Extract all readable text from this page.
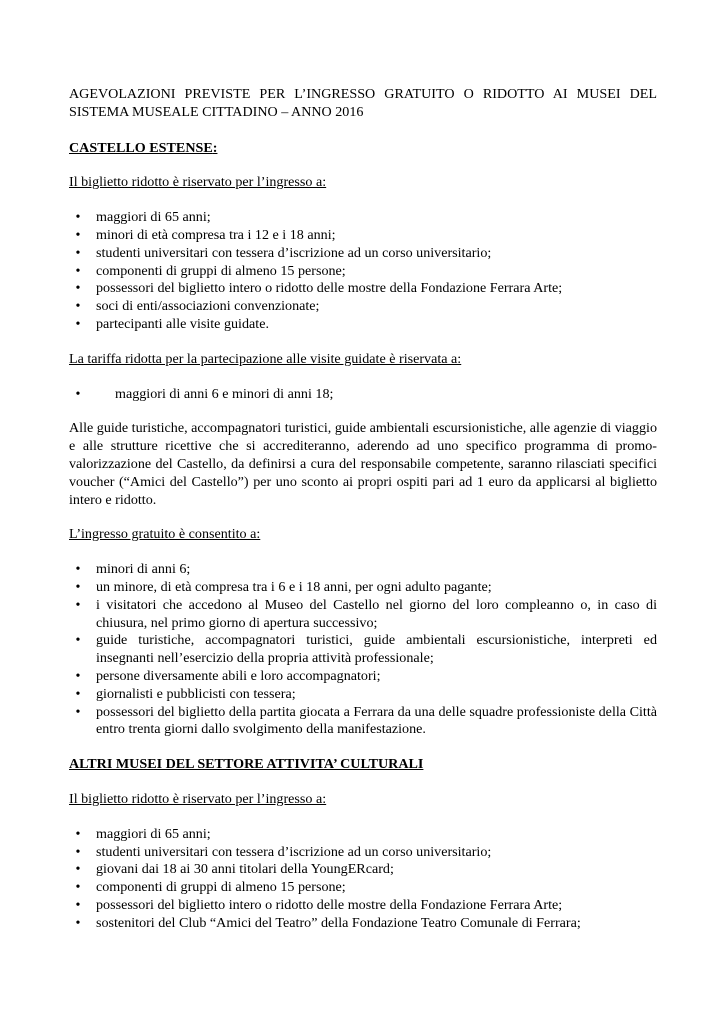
AGEVOLAZIONI PREVISTE PER L’INGRESSO GRATUITO O RIDOTTO AI MUSEI DEL SISTEMA MUSEALE CITTADINO – ANNO 2016

CASTELLO ESTENSE:

Il biglietto ridotto è riservato per l’ingresso a:

•	maggiori di 65 anni;
•	minori di età compresa tra i 12 e i 18 anni;
•	studenti universitari con tessera d’iscrizione ad un corso universitario;
•	componenti di gruppi di almeno 15 persone;
•	possessori del biglietto intero o ridotto delle mostre della Fondazione Ferrara Arte;
•	soci di enti/associazioni convenzionate;
•	partecipanti alle visite guidate.

La tariffa ridotta per la partecipazione alle visite guidate è riservata a:

•	maggiori di anni 6 e minori di anni 18;

Alle guide turistiche, accompagnatori turistici, guide ambientali escursionistiche, alle agenzie di viaggio e alle strutture ricettive che si accrediteranno, aderendo ad uno specifico programma di promo-valorizzazione del Castello, da definirsi a cura del responsabile competente, saranno rilasciati specifici voucher (“Amici del Castello”) per uno sconto ai propri ospiti pari ad 1 euro da applicarsi al biglietto intero e ridotto.

L’ingresso gratuito è consentito a:

•	minori di anni 6;
•	un minore, di età compresa tra i 6 e i 18 anni, per ogni adulto pagante;
•	i visitatori che accedono al Museo del Castello nel giorno del loro compleanno o, in caso di chiusura, nel primo giorno di apertura successivo;
•	guide turistiche, accompagnatori turistici, guide ambientali escursionistiche, interpreti ed insegnanti nell’esercizio della propria attività professionale;
•	persone diversamente abili e loro accompagnatori;
•	giornalisti e pubblicisti con tessera;
•	possessori del biglietto della partita giocata a Ferrara da una delle squadre professioniste della Città entro trenta giorni dallo svolgimento della manifestazione.

ALTRI MUSEI DEL SETTORE ATTIVITA’ CULTURALI

Il biglietto ridotto è riservato per l’ingresso a:

•	maggiori di 65 anni;
•	studenti universitari con tessera d’iscrizione ad un corso universitario;
•	giovani dai 18 ai 30 anni titolari della YoungERcard;
•	componenti di gruppi di almeno 15 persone;
•	possessori del biglietto intero o ridotto delle mostre della Fondazione Ferrara Arte;
•	sostenitori del Club “Amici del Teatro” della Fondazione Teatro Comunale di Ferrara;
